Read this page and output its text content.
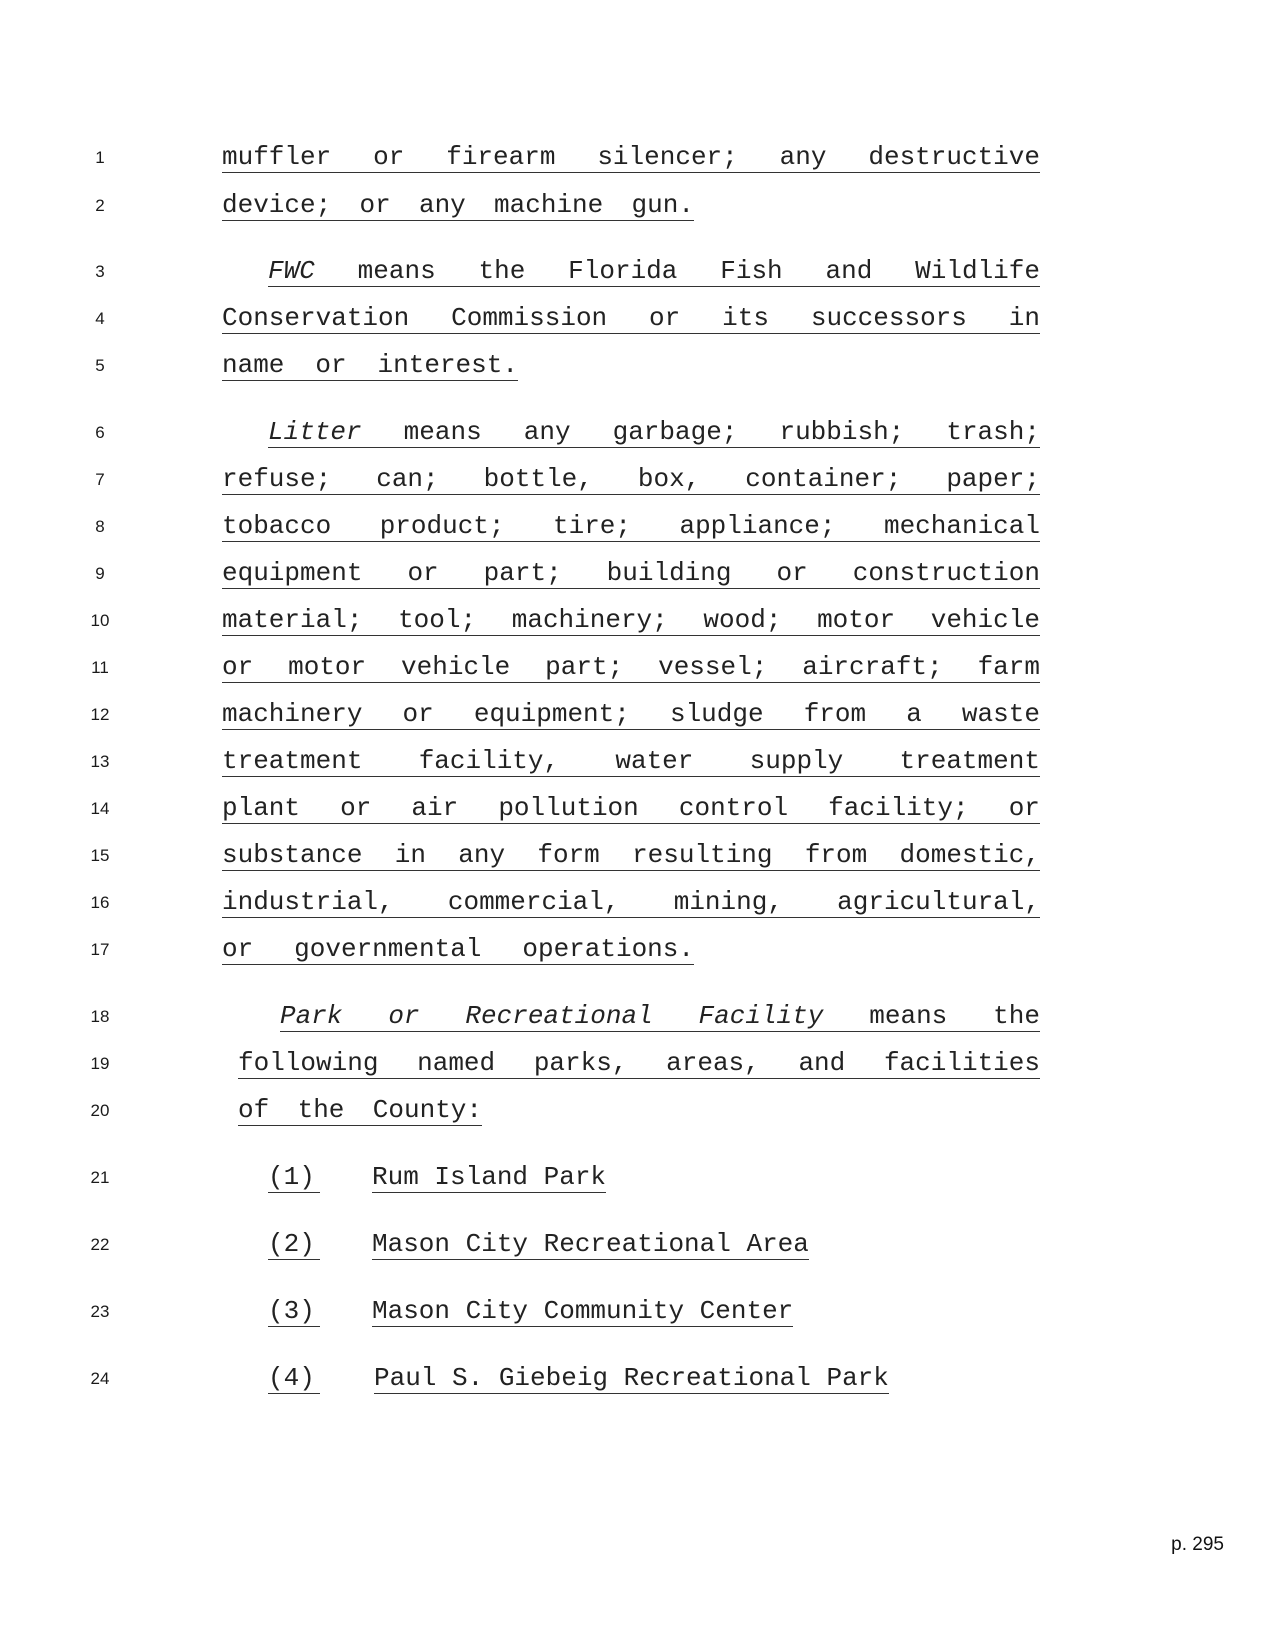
1
2
3
4
5
6
7
8
9
10
11
12
13
14
15
16
17
18
19
20
21
22
23
24
muffler or firearm silencer; any destructive
device; or any machine gun.
FWC means the Florida Fish and Wildlife
Conservation Commission or its successors in
name or interest.
Litter means any garbage; rubbish; trash;
refuse; can; bottle, box, container; paper;
tobacco product; tire; appliance; mechanical
equipment or part; building or construction
material; tool; machinery; wood; motor vehicle
or motor vehicle part; vessel; aircraft; farm
machinery or equipment; sludge from a waste
treatment facility, water supply treatment
plant or air pollution control facility; or
substance in any form resulting from domestic,
industrial, commercial, mining, agricultural,
or governmental operations.
Park or Recreational Facility means the
following named parks, areas, and facilities
of the County:
(1) Rum Island Park
(2) Mason City Recreational Area
(3) Mason City Community Center
(4) Paul S. Giebeig Recreational Park
p. 295
